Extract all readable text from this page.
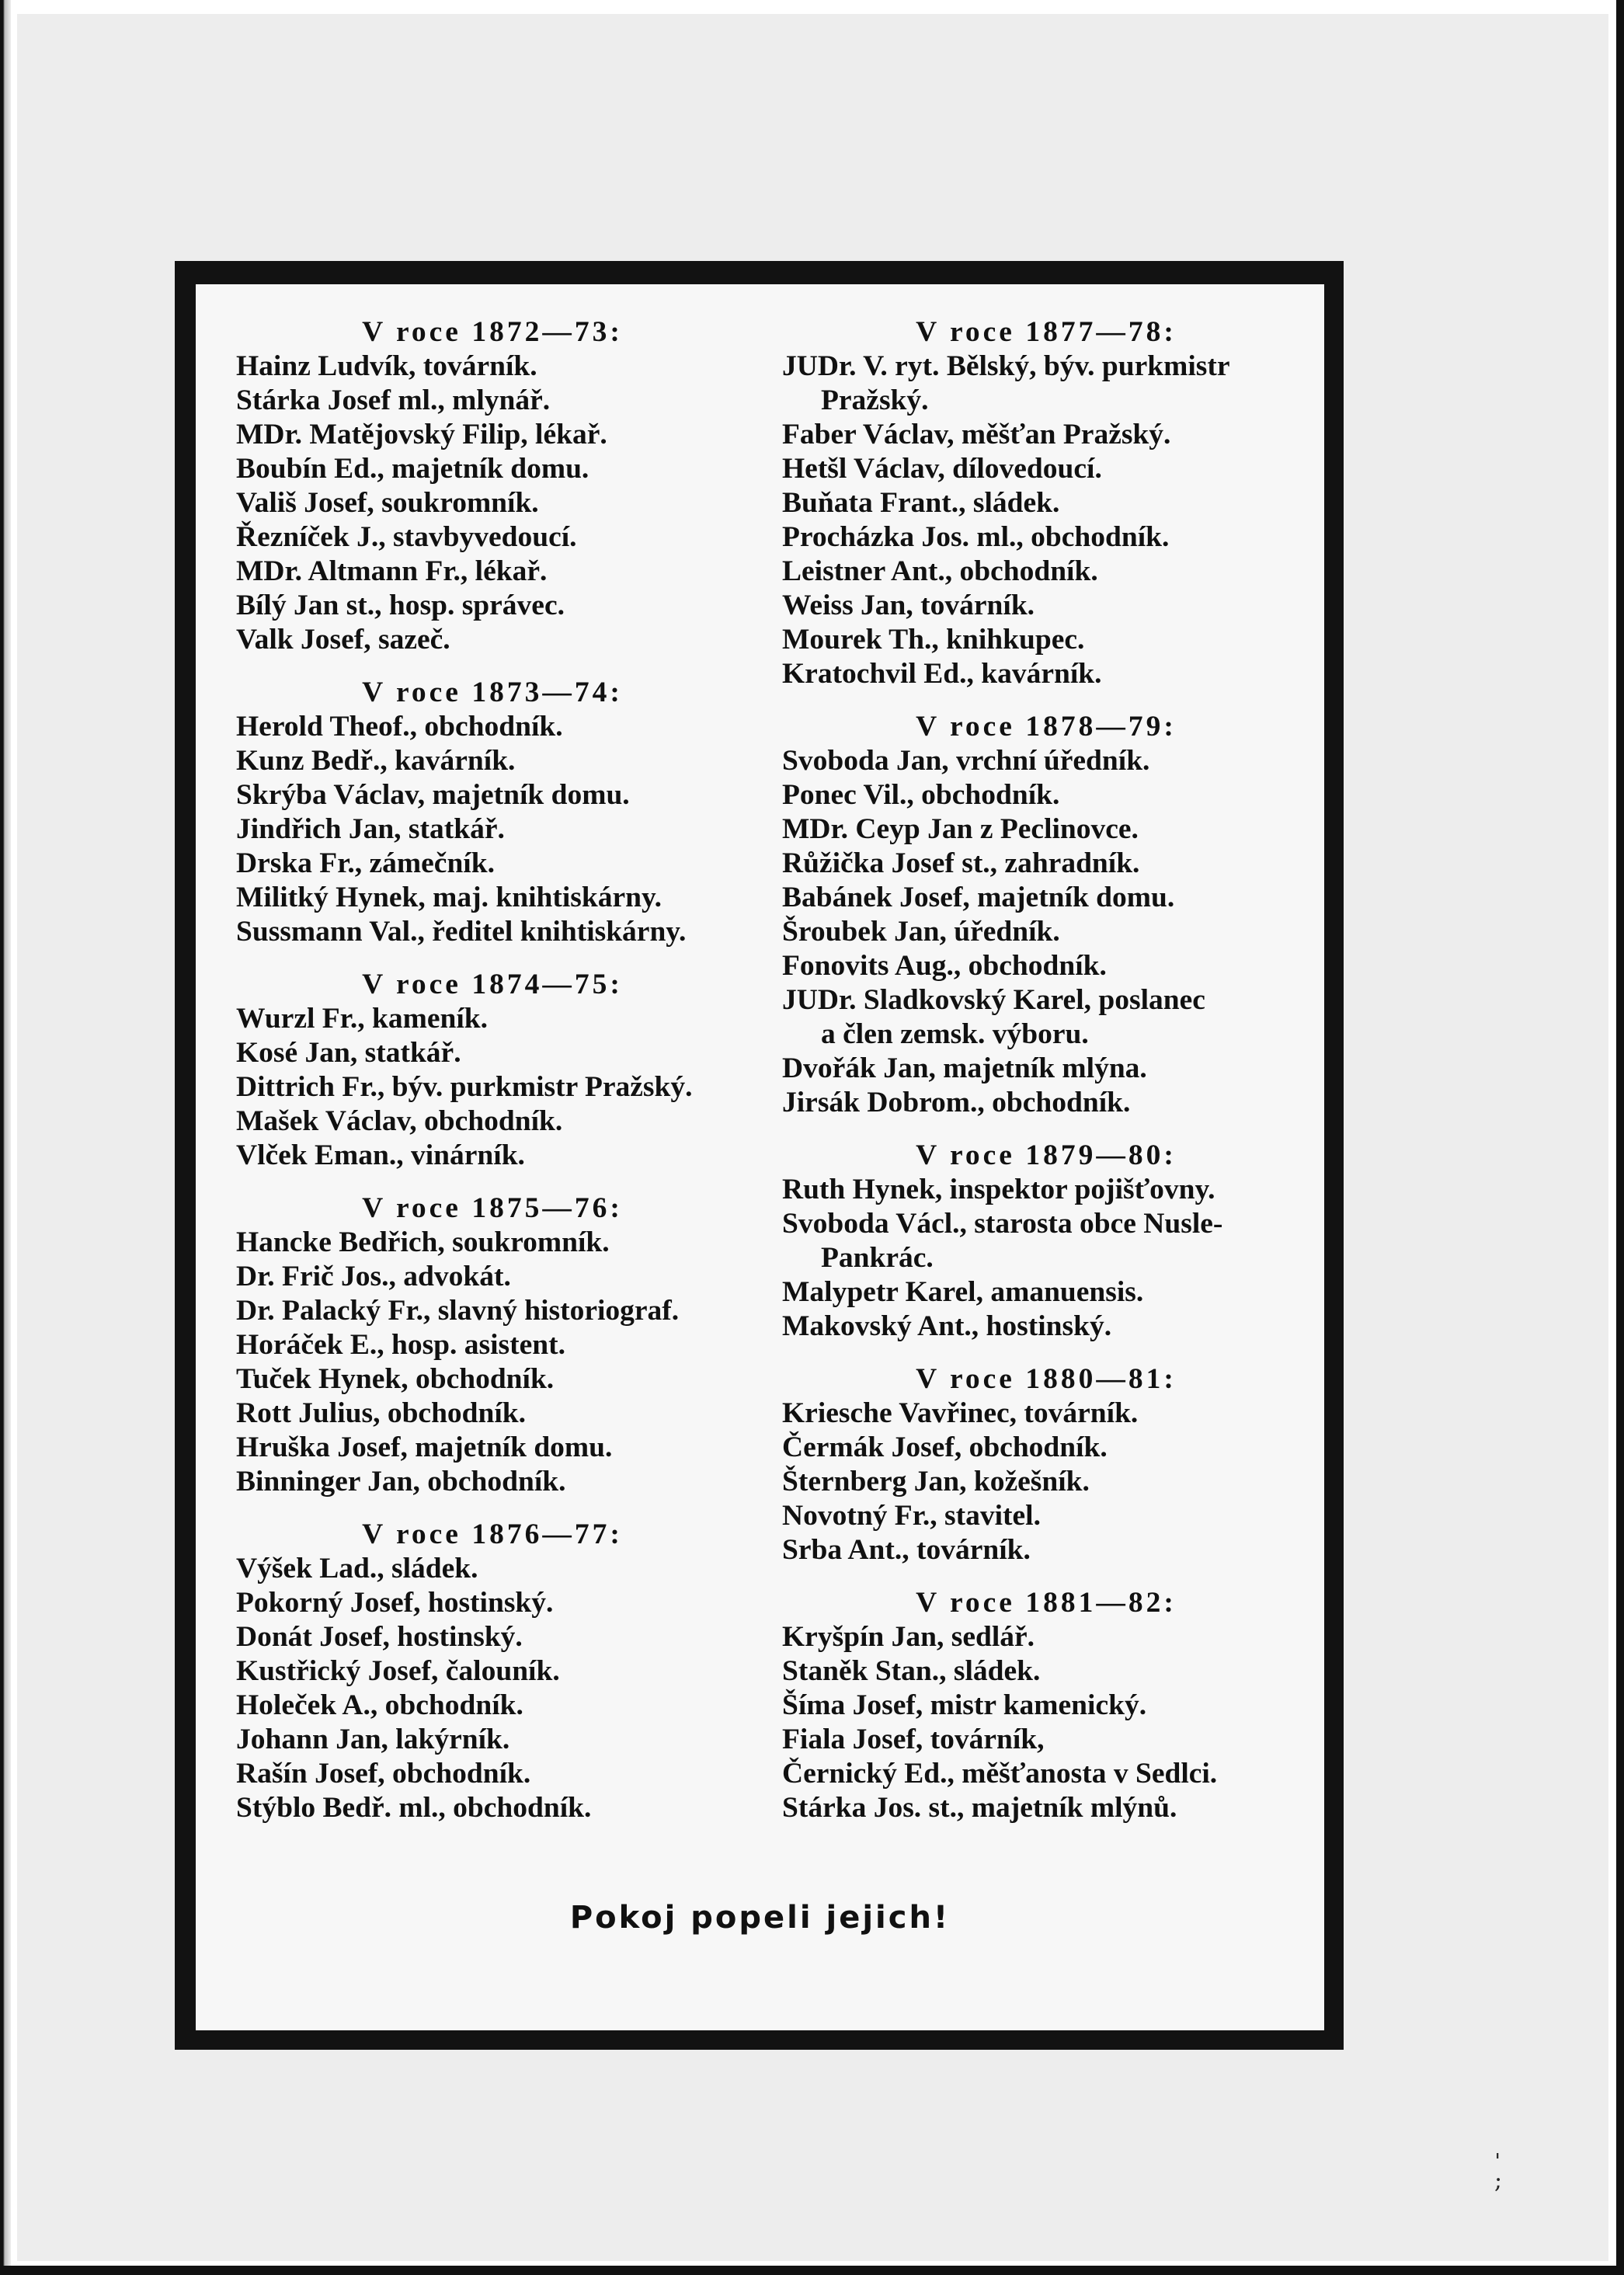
V roce 1872—73:
Hainz Ludvík, továrník.
Stárka Josef ml., mlynář.
MDr. Matějovský Filip, lékař.
Boubín Ed., majetník domu.
Vališ Josef, soukromník.
Řezníček J., stavbyvedoucí.
MDr. Altmann Fr., lékař.
Bílý Jan st., hosp. správec.
Valk Josef, sazeč.
V roce 1873—74:
Herold Theof., obchodník.
Kunz Bedř., kavárník.
Skrýba Václav, majetník domu.
Jindřich Jan, statkář.
Drska Fr., zámečník.
Militký Hynek, maj. knihtiskárny.
Sussmann Val., ředitel knihtiskárny.
V roce 1874—75:
Wurzl Fr., kameník.
Kosé Jan, statkář.
Dittrich Fr., býv. purkmistr Pražský.
Mašek Václav, obchodník.
Vlček Eman., vinárník.
V roce 1875—76:
Hancke Bedřich, soukromník.
Dr. Frič Jos., advokát.
Dr. Palacký Fr., slavný historiograf.
Horáček E., hosp. asistent.
Tuček Hynek, obchodník.
Rott Julius, obchodník.
Hruška Josef, majetník domu.
Binninger Jan, obchodník.
V roce 1876—77:
Výšek Lad., sládek.
Pokorný Josef, hostinský.
Donát Josef, hostinský.
Kustřický Josef, čalouník.
Holeček A., obchodník.
Johann Jan, lakýrník.
Rašín Josef, obchodník.
Stýblo Bedř. ml., obchodník.
V roce 1877—78:
JUDr. V. ryt. Bělský, býv. purkmistr
Pražský.
Faber Václav, měšťan Pražský.
Hetšl Václav, dílovedoucí.
Buňata Frant., sládek.
Procházka Jos. ml., obchodník.
Leistner Ant., obchodník.
Weiss Jan, továrník.
Mourek Th., knihkupec.
Kratochvil Ed., kavárník.
V roce 1878—79:
Svoboda Jan, vrchní úředník.
Ponec Vil., obchodník.
MDr. Ceyp Jan z Peclinovce.
Růžička Josef st., zahradník.
Babánek Josef, majetník domu.
Šroubek Jan, úředník.
Fonovits Aug., obchodník.
JUDr. Sladkovský Karel, poslanec
a člen zemsk. výboru.
Dvořák Jan, majetník mlýna.
Jirsák Dobrom., obchodník.
V roce 1879—80:
Ruth Hynek, inspektor pojišťovny.
Svoboda Václ., starosta obce Nusle-
Pankrác.
Malypetr Karel, amanuensis.
Makovský Ant., hostinský.
V roce 1880—81:
Kriesche Vavřinec, továrník.
Čermák Josef, obchodník.
Šternberg Jan, kožešník.
Novotný Fr., stavitel.
Srba Ant., továrník.
V roce 1881—82:
Kryšpín Jan, sedlář.
Staněk Stan., sládek.
Šíma Josef, mistr kamenický.
Fiala Josef, továrník,
Černický Ed., měšťanosta v Sedlci.
Stárka Jos. st., majetník mlýnů.
Pokoj popeli jejich!
ˈ
;
